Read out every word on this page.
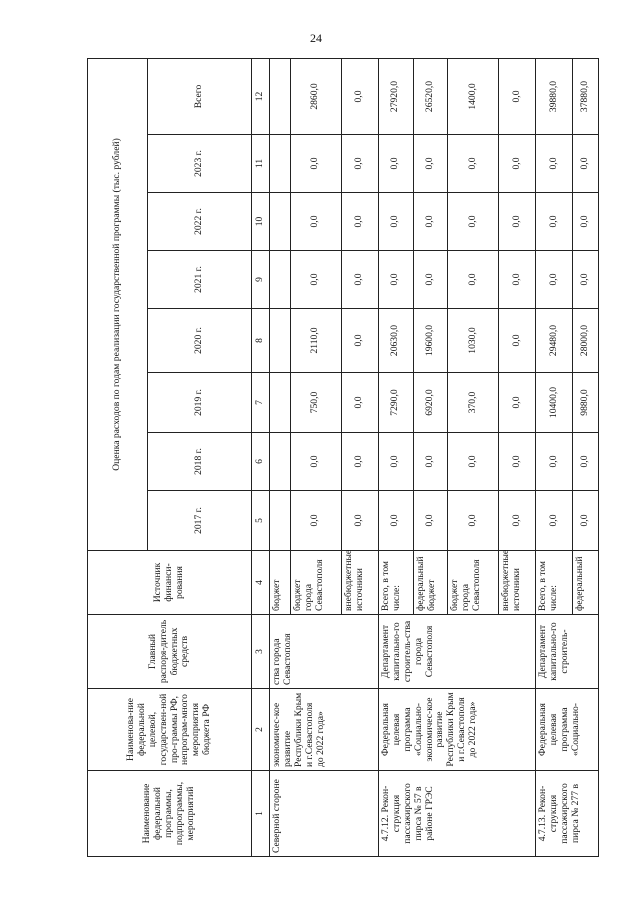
24
Наименование федеральной программы, подпрограммы, мероприятий	Наименова-ние федеральной целевой, государствен-ной про-граммы РФ, непрограм-много мероприятия бюджета РФ	Главный распоря-дитель бюджетных средств	Источник финанси-рования	Оценка расходов по годам реализации государственной программы (тыс. рублей)							
				2017 г.	2018 г.	2019 г.	2020 г.	2021 г.	2022 г.	2023 г.	Всего
1	2	3	4	5	6	7	8	9	10	11	12
Северной стороне	экономичес-кое развитие Республики Крым и г.Севастополя до 2022 года»	ства города Севастополя	бюджет								
			бюджет города Севастополя	0,0	0,0	750,0	2110,0	0,0	0,0	0,0	2860,0
			внебюджетные источники	0,0	0,0	0,0	0,0	0,0	0,0	0,0	0,0
4.7.12. Рекон-струкция пассажирского пирса № 57 в районе ГРЭС	Федеральная целевая программа «Социально-экономичес-кое развитие Республики Крым и г.Севастополя до 2022 года»	Департамент капитально-го строитель-ства города Севастополя	Всего, в том числе:	0,0	0,0	7290,0	20630,0	0,0	0,0	0,0	27920,0
			федеральный бюджет	0,0	0,0	6920,0	19600,0	0,0	0,0	0,0	26520,0
			бюджет города Севастополя	0,0	0,0	370,0	1030,0	0,0	0,0	0,0	1400,0
			внебюджетные источники	0,0	0,0	0,0	0,0	0,0	0,0	0,0	0,0
4.7.13. Рекон-струкция пассажирского пирса № 277 в	Федеральная целевая программа «Социально-	Департамент капитально-го строитель-	Всего, в том числе:	0,0	0,0	10400,0	29480,0	0,0	0,0	0,0	39880,0
			федеральный	0,0	0,0	9880,0	28000,0	0,0	0,0	0,0	37880,0
